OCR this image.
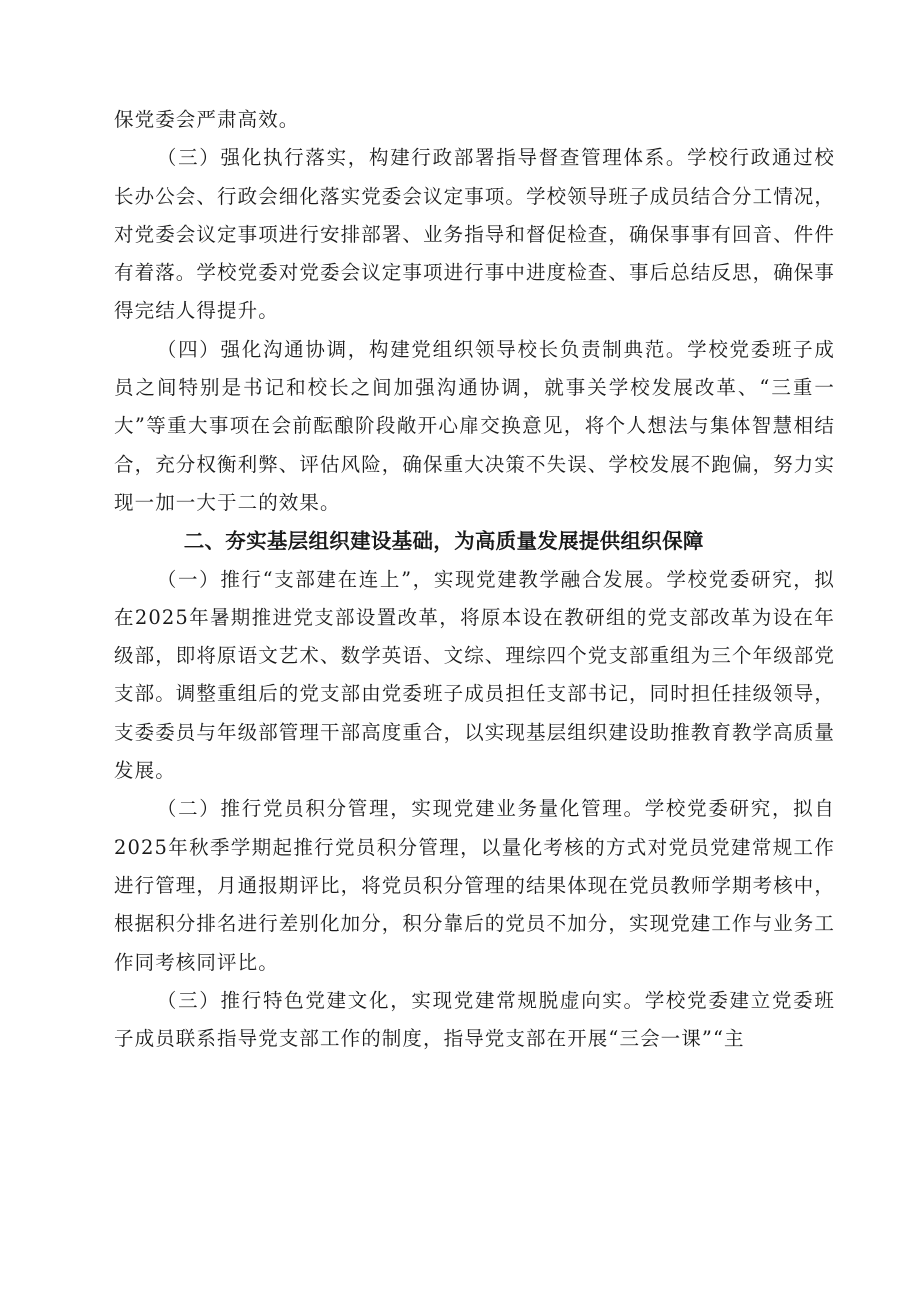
保党委会严肃高效。

（三）强化执行落实，构建行政部署指导督查管理体系。学校行政通过校长办公会、行政会细化落实党委会议定事项。学校领导班子成员结合分工情况，对党委会议定事项进行安排部署、业务指导和督促检查，确保事事有回音、件件有着落。学校党委对党委会议定事项进行事中进度检查、事后总结反思，确保事得完结人得提升。

（四）强化沟通协调，构建党组织领导校长负责制典范。学校党委班子成员之间特别是书记和校长之间加强沟通协调，就事关学校发展改革、“三重一大”等重大事项在会前酝酿阶段敞开心扉交换意见，将个人想法与集体智慧相结合，充分权衡利弊、评估风险，确保重大决策不失误、学校发展不跑偏，努力实现一加一大于二的效果。

二、夯实基层组织建设基础，为高质量发展提供组织保障

（一）推行“支部建在连上”，实现党建教学融合发展。学校党委研究，拟在2025年暑期推进党支部设置改革，将原本设在教研组的党支部改革为设在年级部，即将原语文艺术、数学英语、文综、理综四个党支部重组为三个年级部党支部。调整重组后的党支部由党委班子成员担任支部书记，同时担任挂级领导，支委委员与年级部管理干部高度重合，以实现基层组织建设助推教育教学高质量发展。

（二）推行党员积分管理，实现党建业务量化管理。学校党委研究，拟自2025年秋季学期起推行党员积分管理，以量化考核的方式对党员党建常规工作进行管理，月通报期评比，将党员积分管理的结果体现在党员教师学期考核中，根据积分排名进行差别化加分，积分靠后的党员不加分，实现党建工作与业务工作同考核同评比。

（三）推行特色党建文化，实现党建常规脱虚向实。学校党委建立党委班子成员联系指导党支部工作的制度，指导党支部在开展“三会一课”“主
